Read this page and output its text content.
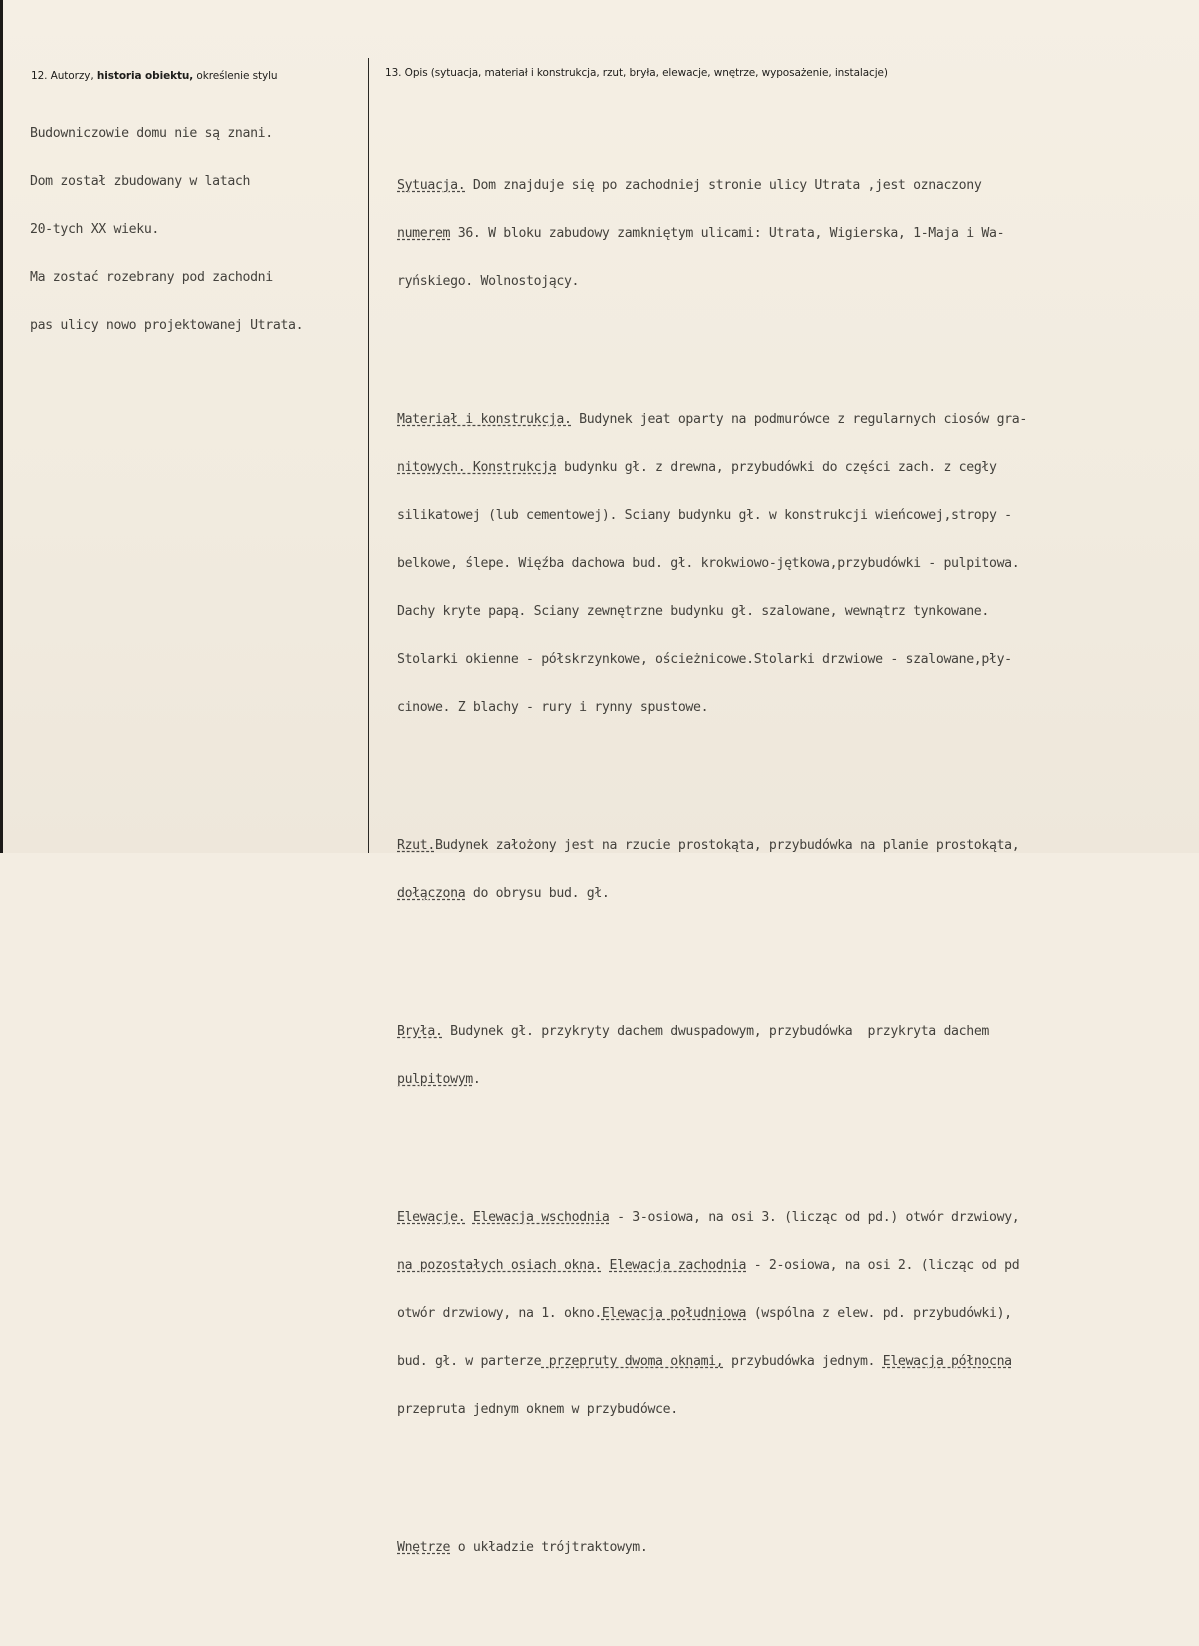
12. Autorzy, historia obiektu, określenie stylu	13. Opis (sytuacja, materiał i konstrukcja, rzut, bryła, elewacje, wnętrze, wyposażenie, instalacje)

Budowniczowie domu nie są znani.

Dom został zbudowany w latach

20-tych XX wieku.

Ma zostać rozebrany pod zachodni

pas ulicy nowo projektowanej Utrata.

Sytuacja. Dom znajduje się po zachodniej stronie ulicy Utrata ,jest oznaczony

numerem 36. W bloku zabudowy zamkniętym ulicami: Utrata, Wigierska, 1-Maja i Wa-

ryńskiego. Wolnostojący.

Materiał i konstrukcja. Budynek jeat oparty na podmurówce z regularnych ciosów gra-

nitowych. Konstrukcja budynku gł. z drewna, przybudówki do części zach. z cegły

silikatowej (lub cementowej). Sciany budynku gł. w konstrukcji wieńcowej,stropy -

belkowe, ślepe. Więźba dachowa bud. gł. krokwiowo-jętkowa,przybudówki - pulpitowa.

Dachy kryte papą. Sciany zewnętrzne budynku gł. szalowane, wewnątrz tynkowane.

Stolarki okienne - półskrzynkowe, ościeżnicowe.Stolarki drzwiowe - szalowane,pły-

cinowe. Z blachy - rury i rynny spustowe.

Rzut.Budynek założony jest na rzucie prostokąta, przybudówka na planie prostokąta,

dołączona do obrysu bud. gł.

Bryła. Budynek gł. przykryty dachem dwuspadowym, przybudówka  przykryta dachem

pulpitowym.

Elewacje. Elewacja wschodnia - 3-osiowa, na osi 3. (licząc od pd.) otwór drzwiowy,

na pozostałych osiach okna. Elewacja zachodnia - 2-osiowa, na osi 2. (licząc od pd

otwór drzwiowy, na 1. okno.Elewacja południowa (wspólna z elew. pd. przybudówki),

bud. gł. w parterze przepruty dwoma oknami, przybudówka jednym. Elewacja północna

przepruta jednym oknem w przybudówce.

Wnętrze o układzie trójtraktowym.
